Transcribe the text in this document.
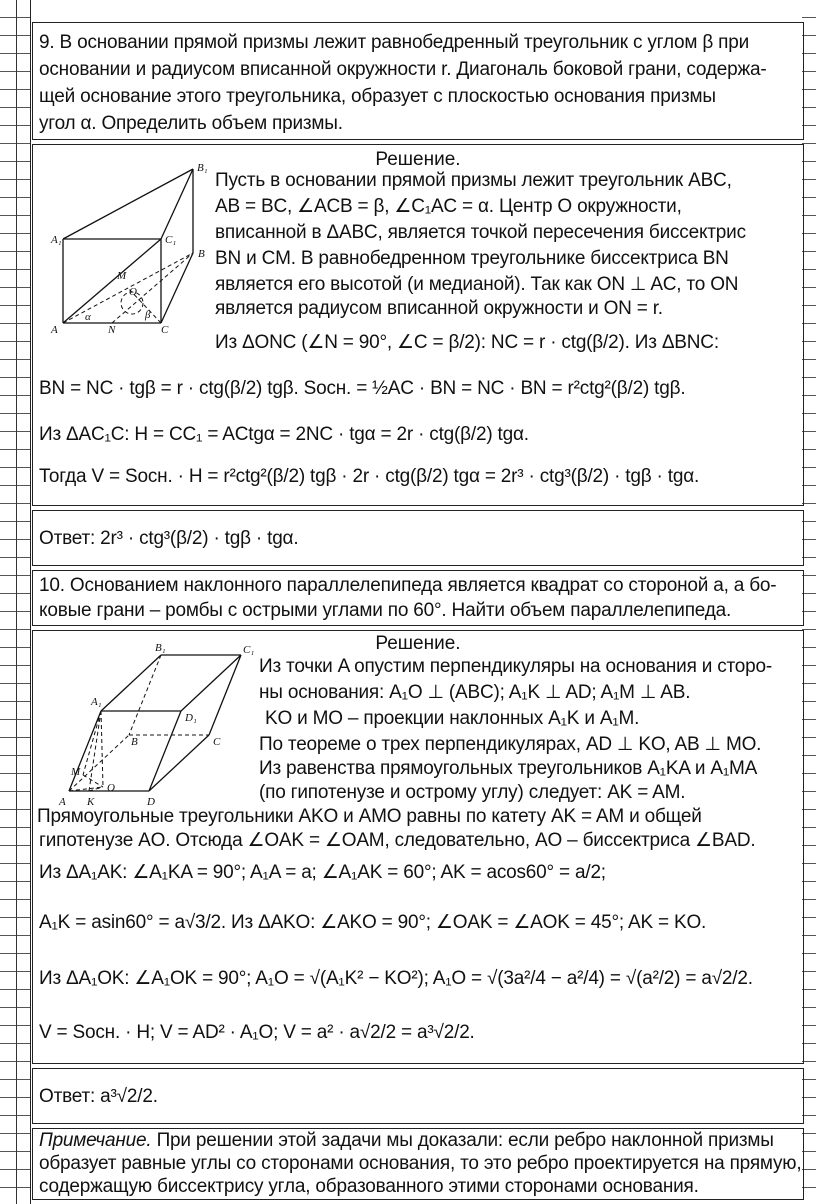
9. В основании прямой призмы лежит равнобедренный треугольник с углом β при
основании и радиусом вписанной окружности r. Диагональ боковой грани, содержа-
щей основание этого треугольника, образует с плоскостью основания призмы
угол α. Определить объем призмы.
Решение.
B₁
A₁	C₁
B
M
O
α	β
A	N	C
Пусть в основании прямой призмы лежит треугольник ABC,
AB = BC, ∠ACB = β, ∠C₁AC = α. Центр O окружности,
вписанной в ΔABC, является точкой пересечения биссектрис
BN и CM. В равнобедренном треугольнике биссектриса BN
является его высотой (и медианой). Так как ON ⊥ AC, то ON
является радиусом вписанной окружности и ON = r.
Из ΔONC (∠N = 90°, ∠C = β/2): NC = r · ctg(β/2). Из ΔBNC:
BN = NC · tgβ = r · ctg(β/2) tgβ. Sосн. = ½AC · BN = NC · BN = r²ctg²(β/2) tgβ.
Из ΔAC₁C: H = CC₁ = ACtgα = 2NC · tgα = 2r · ctg(β/2) tgα.
Тогда V = Sосн. · H = r²ctg²(β/2) tgβ · 2r · ctg(β/2) tgα = 2r³ · ctg³(β/2) · tgβ · tgα.
Ответ: 2r³ · ctg³(β/2) · tgβ · tgα.
10. Основанием наклонного параллелепипеда является квадрат со стороной a, а бо-
ковые грани – ромбы с острыми углами по 60°. Найти объем параллелепипеда.
Решение.
B₁	C₁
A₁
D₁
B	C
M
O
A K	D
Из точки A опустим перпендикуляры на основания и сторо-
ны основания: A₁O ⊥ (ABC); A₁K ⊥ AD; A₁M ⊥ AB.
KO и MO – проекции наклонных A₁K и A₁M.
По теореме о трех перпендикулярах, AD ⊥ KO, AB ⊥ MO.
Из равенства прямоугольных треугольников A₁KA и A₁MA
(по гипотенузе и острому углу) следует: AK = AM.
Прямоугольные треугольники AKO и AMO равны по катету AK = AM и общей
гипотенузе AO. Отсюда ∠OAK = ∠OAM, следовательно, AO – биссектриса ∠BAD.
Из ΔA₁AK: ∠A₁KA = 90°; A₁A = a; ∠A₁AK = 60°; AK = acos60° = a/2;
A₁K = asin60° = a√3/2. Из ΔAKO: ∠AKO = 90°; ∠OAK = ∠AOK = 45°; AK = KO.
Из ΔA₁OK: ∠A₁OK = 90°; A₁O = √(A₁K² − KO²); A₁O = √(3a²/4 − a²/4) = √(a²/2) = a√2/2.
V = Sосн. · H; V = AD² · A₁O; V = a² · a√2/2 = a³√2/2.
Ответ: a³√2/2.
Примечание. При решении этой задачи мы доказали: если ребро наклонной призмы
образует равные углы со сторонами основания, то это ребро проектируется на прямую,
содержащую биссектрису угла, образованного этими сторонами основания.
